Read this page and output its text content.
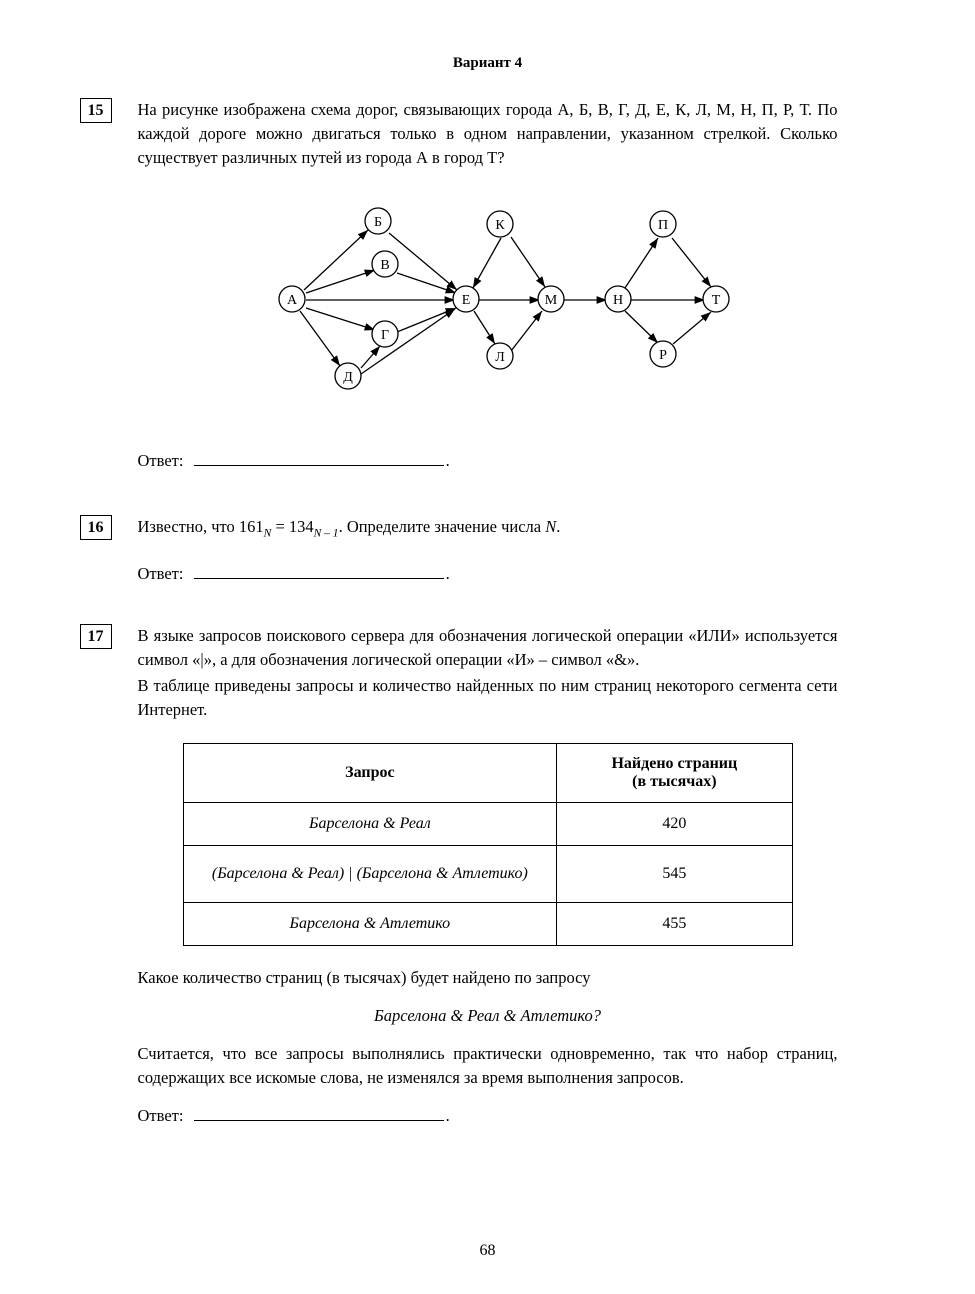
Вариант 4
15	На рисунке изображена схема дорог, связывающих города А, Б, В, Г, Д, Е, К, Л, М, Н, П, Р, Т. По каждой дороге можно двигаться только в одном направлении, указанном стрелкой. Сколько существует различных путей из города А в город Т?

А
Б
В
Г
Д
Е
К
Л
М	Н
П
Р
Т
Ответ:	.
16	Известно, что $161_N = 134_{N - 1}$. Определите значение числа N.

Ответ:	.
17	В языке запросов поискового сервера для обозначения логической операции «ИЛИ» используется символ «|», а для обозначения логической операции «И» – символ «&».

В таблице приведены запросы и количество найденных по ним страниц некоторого сегмента сети Интернет.

Запрос	Найдено страниц
(в тысячах)

Барселона & Реал	420
(Барселона & Реал) | (Барселона & Атлетико)	545
Барселона & Атлетико	455
Какое количество страниц (в тысячах) будет найдено по запросу
Барселона & Реал & Атлетико?

Считается, что все запросы выполнялись практически одновременно, так что набор страниц, содержащих все искомые слова, не изменялся за время выполнения запросов.

Ответ:	.
68
